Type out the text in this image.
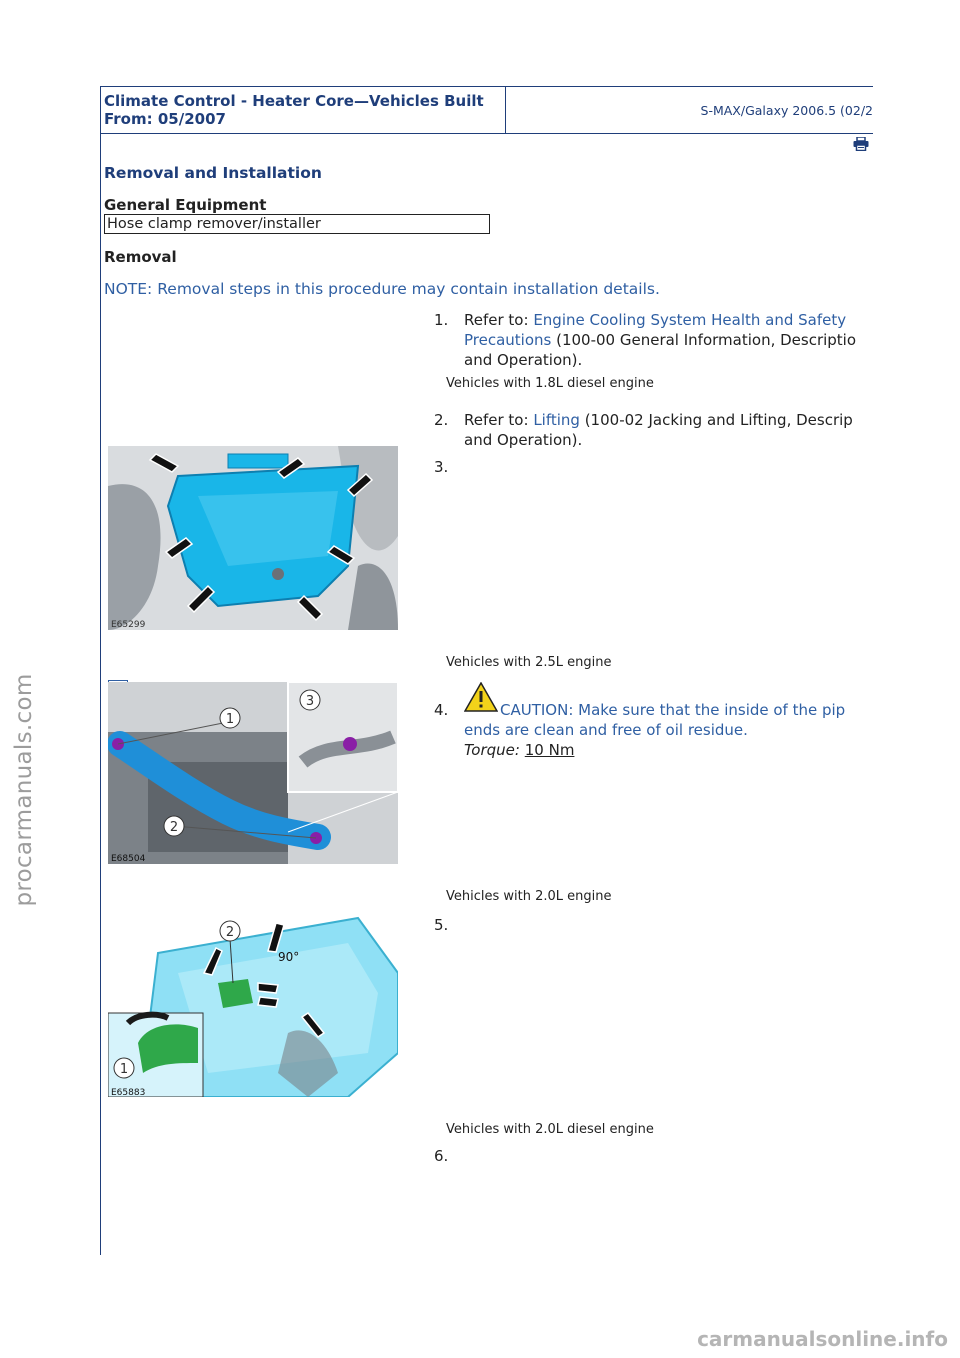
procarmanuals.com
Climate Control - Heater Core—Vehicles Built
From: 05/2007	S-MAX/Galaxy 2006.5 (02/2
Removal and Installation
General Equipment
Hose clamp remover/installer
Removal
NOTE: Removal steps in this procedure may contain installation details.
1. Refer to: Engine Cooling System Health and Safety
Precautions (100-00 General Information, Descriptio
and Operation).
2. Refer to: Lifting (100-02 Jacking and Lifting, Descrip
and Operation).
3.
4.	CAUTION: Make sure that the inside of the pip
ends are clean and free of oil residue.
Torque: 10 Nm
5.
6.
Vehicles with 1.8L diesel engine
Vehicles with 2.5L engine
Vehicles with 2.0L engine
Vehicles with 2.0L diesel engine
E65299
1
2
3
E68504
90°
2
1
E65883
carmanualsonline.info
